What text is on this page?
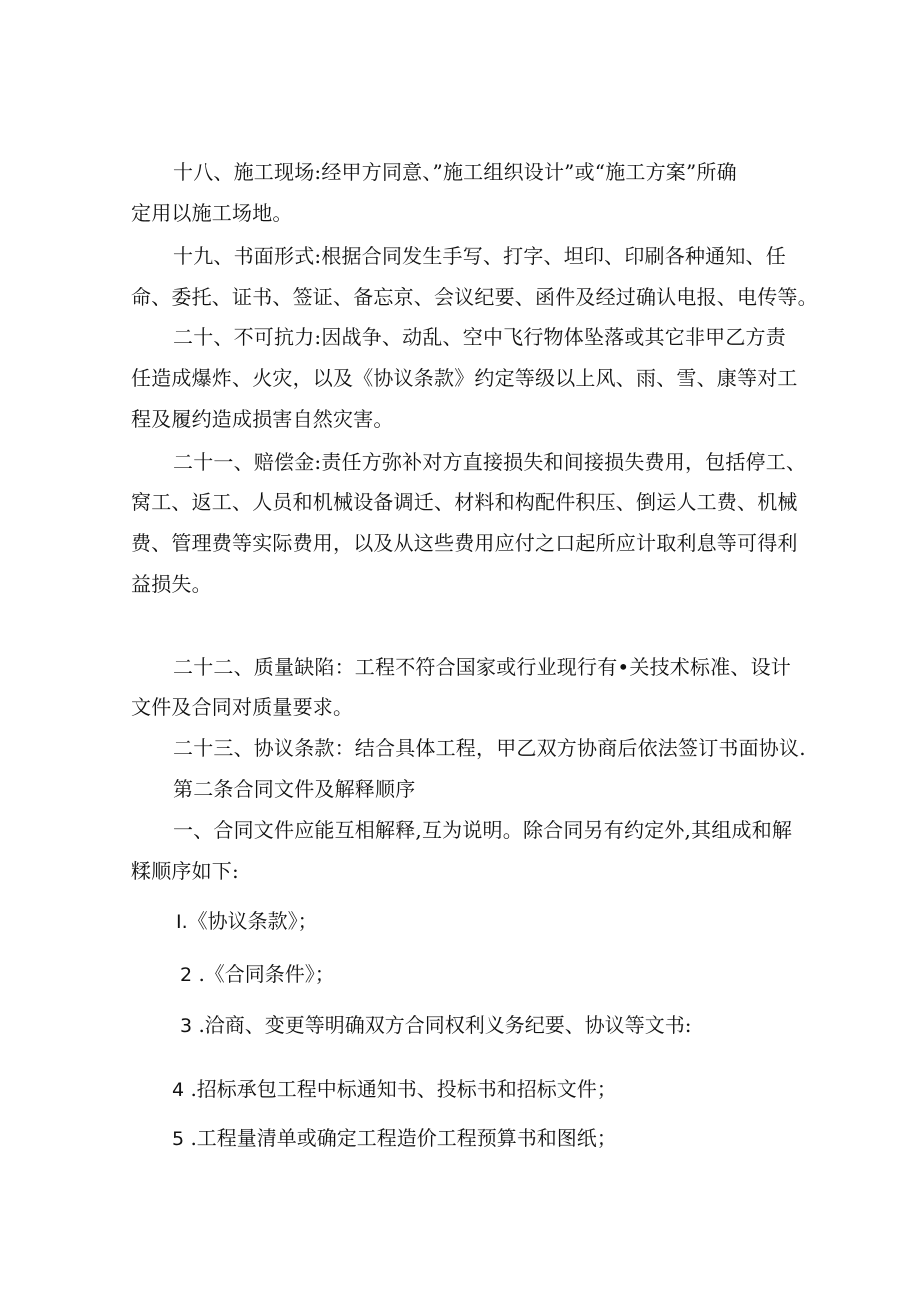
十八、施工现场:经甲方同意、”施工组织设计”或“施工方案”所确
定用以施工场地。
十九、书面形式:根据合同发生手写、打字、坦印、印刷各种通知、任
命、委托、证书、签证、备忘京、会议纪要、函件及经过确认电报、电传等。
二十、不可抗力:因战争、动乱、空中飞行物体坠落或其它非甲乙方责
任造成爆炸、火灾，以及《协议条款》约定等级以上风、雨、雪、康等对工
程及履约造成损害自然灾害。
二十一、赔偿金:责任方弥补对方直接损失和间接损失费用，包括停工、
窝工、返工、人员和机械设备调迁、材料和构配件积压、倒运人工费、机械
费、管理费等实际费用，以及从这些费用应付之口起所应计取利息等可得利
益损失。
二十二、质量缺陷：工程不符合国家或行业现行有•关技术标准、设计
文件及合同对质量要求。
二十三、协议条款：结合具体工程，甲乙双方协商后依法签订书面协议.
第二条合同文件及解释顺序
一、合同文件应能互相解释,互为说明。除合同另有约定外,其组成和解
糅顺序如下:
I.《协议条款》；
2 .《合同条件》；
3 .洽商、变更等明确双方合同权利义务纪要、协议等文书:
4 .招标承包工程中标通知书、投标书和招标文件；
5 .工程量清单或确定工程造价工程预算书和图纸；
